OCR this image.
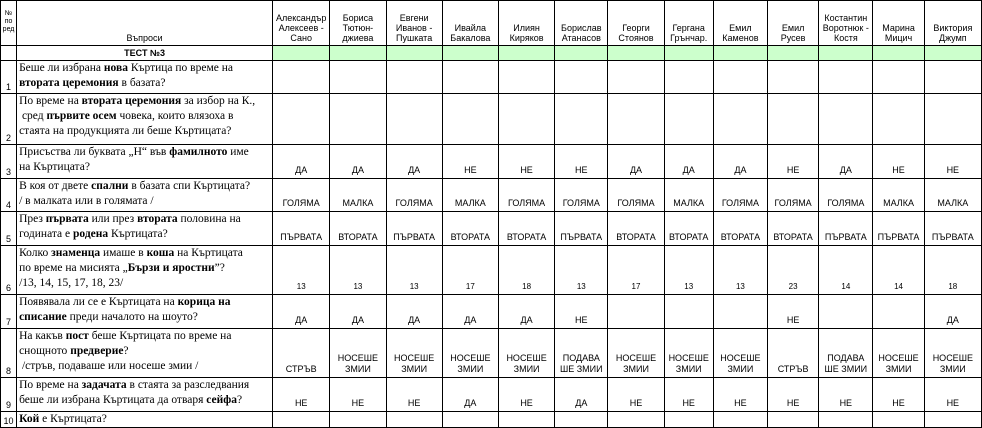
№ по ред	Въпроси	Александър Алексеев - Сано	Бориса Тютюн-джиева	Евгени Иванов - Пушката	Ивайла Бакалова	Илиян Киряков	Борислав Атанасов	Георги Стоянов	Гергана Грънчар.	Емил Каменов	Емил Русев	Костантин Воротнюк - Костя	Марина Мицич	Виктория Джумп
	ТЕСТ №3													
1	Беше ли избрана нова Къртица по време на
втората церемония в базата?													

2	По време на втората церемония за избор на К.,
сред първите осем човека, които влязоха в
стаята на продукцията ли беше Къртицата?													

3	Присъства ли буквата „Н“ във фамилното име
на Къртицата?	ДА	ДА	ДА	НЕ	НЕ	НЕ	ДА	ДА	ДА	НЕ	ДА	НЕ	НЕ
4	В коя от двете спални в базата спи Къртицата?
/ в малката или в голямата /	ГОЛЯМА	МАЛКА	ГОЛЯМА	МАЛКА	ГОЛЯМА	ГОЛЯМА	ГОЛЯМА	МАЛКА	ГОЛЯМА	ГОЛЯМА	ГОЛЯМА	МАЛКА	МАЛКА
5	През първата или през втората половина на
годината е родена Къртицата?	ПЪРВАТА	ВТОРАТА	ПЪРВАТА	ВТОРАТА	ВТОРАТА	ПЪРВАТА	ВТОРАТА	ВТОРАТА	ВТОРАТА	ВТОРАТА	ПЪРВАТА	ПЪРВАТА	ПЪРВАТА
6	Колко знаменца имаше в коша на Къртицата
по време на мисията „Бързи и яростни”?
/13, 14, 15, 17, 18, 23/	13	13	13	17	18	13	17	13	13	23	14	14	18
7	Появявала ли се е Къртицата на корица на
списание преди началото на шоуто?	ДА	ДА	ДА	ДА	ДА	НЕ				НЕ			ДА
8	На какъв пост беше Къртицата по време на
снощното предверие?
/стръв, подаваше или носеше змии /	СТРЪВ	НОСЕШЕ ЗМИИ	НОСЕШЕ ЗМИИ	НОСЕШЕ ЗМИИ	НОСЕШЕ ЗМИИ	ПОДАВА ШЕ ЗМИИ	НОСЕШЕ ЗМИИ	НОСЕШЕ ЗМИИ	НОСЕШЕ ЗМИИ	СТРЪВ	ПОДАВА ШЕ ЗМИИ	НОСЕШЕ ЗМИИ	НОСЕШЕ ЗМИИ
9	По време на задачата в стаята за разследвания
беше ли избрана Къртицата да отваря сейфа?	НЕ	НЕ	НЕ	ДА	НЕ	ДА	НЕ	НЕ	НЕ	НЕ	НЕ	НЕ	НЕ
10	Кой е Къртицата?													
